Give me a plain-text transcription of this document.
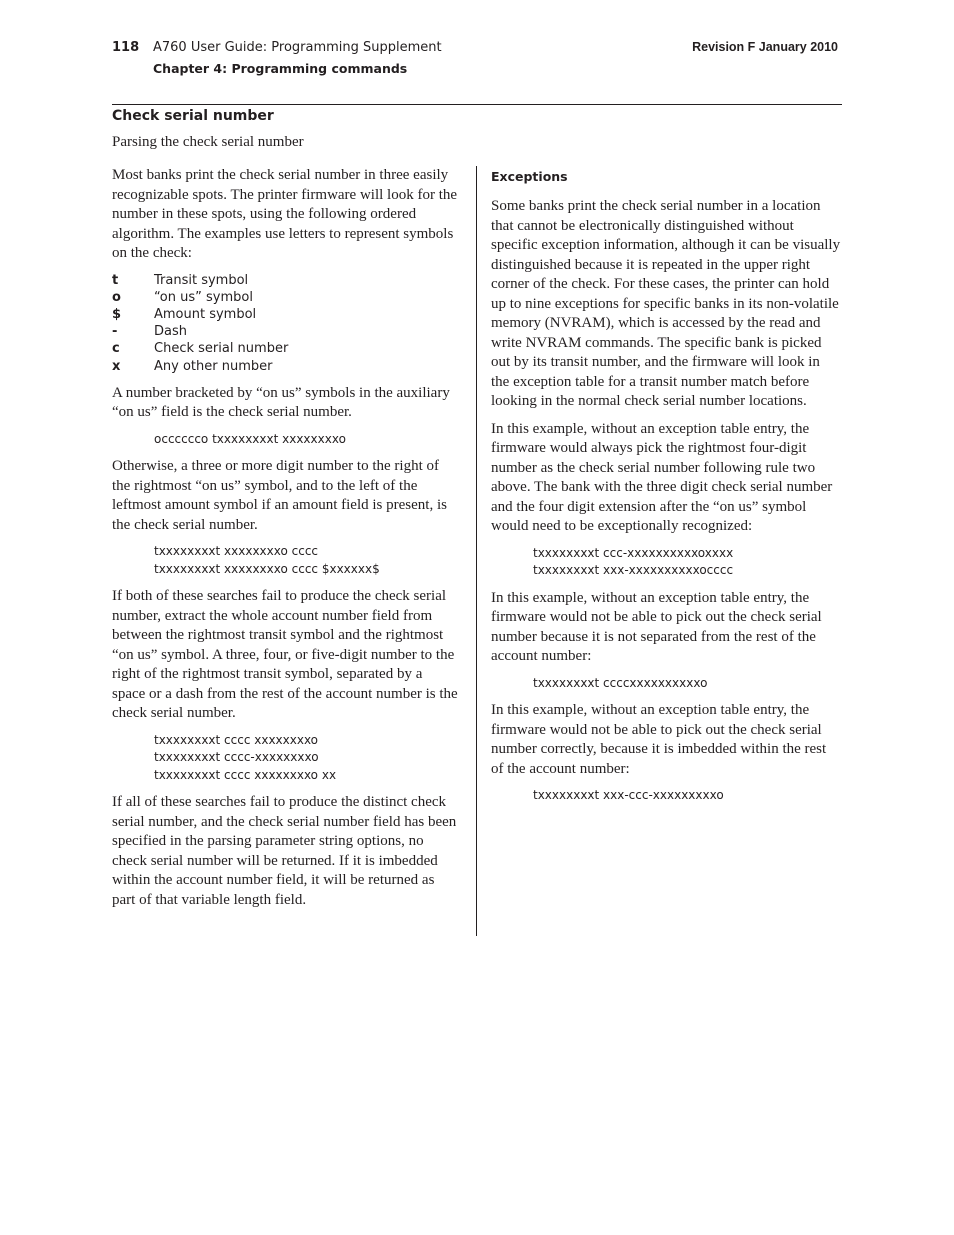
118 A760 User Guide: Programming Supplement
Chapter 4: Programming commands
Revision F January 2010
Check serial number
Parsing the check serial number

Most banks print the check serial number in three easily recognizable spots. The printer firmware will look for the number in these spots, using the following ordered algorithm. The examples use letters to represent symbols on the check:

t	Transit symbol
o	“on us” symbol
$	Amount symbol
-	Dash
c	Check serial number
x	Any other number

A number bracketed by “on us” symbols in the auxiliary “on us” field is the check serial number.

occcccco txxxxxxxxt xxxxxxxxo

Otherwise, a three or more digit number to the right of the rightmost “on us” symbol, and to the left of the leftmost amount symbol if an amount field is present, is the check serial number.

txxxxxxxxt xxxxxxxxo cccc
txxxxxxxxt xxxxxxxxo cccc $xxxxxx$

If both of these searches fail to produce the check serial number, extract the whole account number field from between the rightmost transit symbol and the rightmost “on us” symbol. A three, four, or five-digit number to the right of the rightmost transit symbol, separated by a space or a dash from the rest of the account number is the check serial number.

txxxxxxxxt cccc xxxxxxxxo
txxxxxxxxt cccc-xxxxxxxxo
txxxxxxxxt cccc xxxxxxxxo xx

If all of these searches fail to produce the distinct check serial number, and the check serial number field has been specified in the parsing parameter string options, no check serial number will be returned. If it is imbedded within the account number field, it will be returned as part of that variable length field.

Exceptions

Some banks print the check serial number in a location that cannot be electronically distinguished without specific exception information, although it can be visually distinguished because it is repeated in the upper right corner of the check. For these cases, the printer can hold up to nine exceptions for specific banks in its non-volatile memory (NVRAM), which is accessed by the read and write NVRAM commands. The specific bank is picked out by its transit number, and the firmware will look in the exception table for a transit number match before looking in the normal check serial number locations.

In this example, without an exception table entry, the firmware would always pick the rightmost four-digit number as the check serial number following rule two above. The bank with the three digit check serial number and the four digit extension after the “on us” symbol would need to be exceptionally recognized:

txxxxxxxxt ccc-xxxxxxxxxxoxxxx
txxxxxxxxt xxx-xxxxxxxxxxocccc

In this example, without an exception table entry, the firmware would not be able to pick out the check serial number because it is not separated from the rest of the account number:

txxxxxxxxt ccccxxxxxxxxxxo

In this example, without an exception table entry, the firmware would not be able to pick out the check serial number correctly, because it is imbedded within the rest of the account number:

txxxxxxxxt xxx-ccc-xxxxxxxxxo
